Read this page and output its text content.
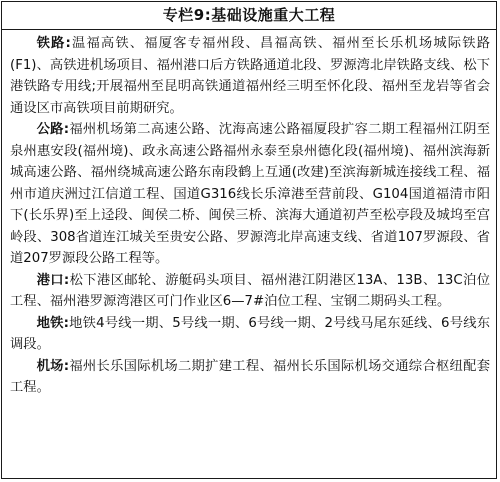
专栏9:基础设施重大工程

铁路:温福高铁、福厦客专福州段、昌福高铁、福州至长乐机场城际铁路(F1)、高铁进机场项目、福州港口后方铁路通道北段、罗源湾北岸铁路支线、松下港铁路专用线;开展福州至昆明高铁通道福州经三明至怀化段、福州至龙岩等省会通设区市高铁项目前期研究。

公路:福州机场第二高速公路、沈海高速公路福厦段扩容二期工程福州江阴至泉州惠安段(福州境)、政永高速公路福州永泰至泉州德化段(福州境)、福州滨海新城高速公路、福州绕城高速公路东南段鹤上互通(改建)至滨海新城连接线工程、福州市道庆洲过江信道工程、国道G316线长乐漳港至营前段、G104国道福清市阳下(长乐界)至上迳段、闽侯二桥、闽侯三桥、滨海大通道初芦至松亭段及城坞至宫岭段、308省道连江城关至贵安公路、罗源湾北岸高速支线、省道107罗源段、省道207罗源段公路工程等。

港口:松下港区邮轮、游艇码头项目、福州港江阴港区13A、13B、13C泊位工程、福州港罗源湾港区可门作业区6—7#泊位工程、宝钢二期码头工程。

地铁:地铁4号线一期、5号线一期、6号线一期、2号线马尾东延线、6号线东调段。

机场:福州长乐国际机场二期扩建工程、福州长乐国际机场交通综合枢纽配套工程。
